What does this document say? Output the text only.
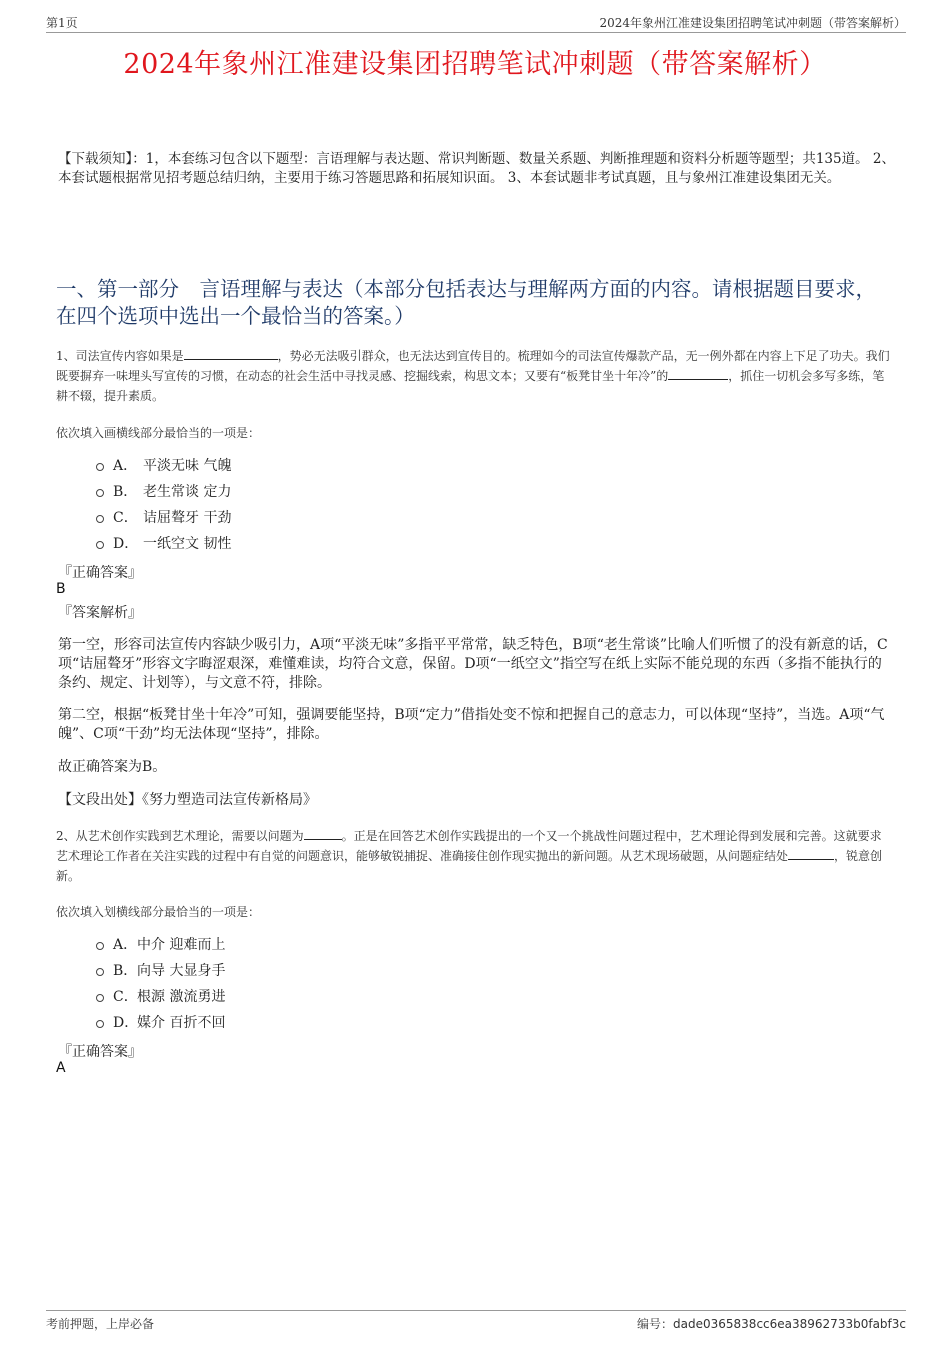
第1页	2024年象州江准建设集团招聘笔试冲刺题（带答案解析）
2024年象州江准建设集团招聘笔试冲刺题（带答案解析）
【下载须知】：1，本套练习包含以下题型：言语理解与表达题、常识判断题、数量关系题、判断推理题和资料分析题等题型；共135道。 2、本套试题根据常见招考题总结归纳，主要用于练习答题思路和拓展知识面。 3、本套试题非考试真题，且与象州江准建设集团无关。
一、第一部分　言语理解与表达（本部分包括表达与理解两方面的内容。请根据题目要求，在四个选项中选出一个最恰当的答案。）
1、司法宣传内容如果是	，势必无法吸引群众，也无法达到宣传目的。梳理如今的司法宣传爆款产品，无一例外都在内容上下足了功夫。我们既要摒弃一味埋头写宣传的习惯，在动态的社会生活中寻找灵感、挖掘线索，构思文本；又要有“板凳甘坐十年冷”的	，抓住一切机会多写多练，笔耕不辍，提升素质。
依次填入画横线部分最恰当的一项是：
A． 平淡无味 气魄
B． 老生常谈 定力
C． 诘屈聱牙 干劲
D． 一纸空文 韧性
『正确答案』
B
『答案解析』
第一空，形容司法宣传内容缺少吸引力，A项“平淡无味”多指平平常常，缺乏特色，B项“老生常谈”比喻人们听惯了的没有新意的话，C项“诘屈聱牙”形容文字晦涩艰深，难懂难读，均符合文意，保留。D项“一纸空文”指空写在纸上实际不能兑现的东西（多指不能执行的条约、规定、计划等），与文意不符，排除。
第二空，根据“板凳甘坐十年冷”可知，强调要能坚持，B项“定力”借指处变不惊和把握自己的意志力，可以体现“坚持”，当选。A项“气魄”、C项“干劲”均无法体现“坚持”，排除。
故正确答案为B。
【文段出处】《努力塑造司法宣传新格局》
2、从艺术创作实践到艺术理论，需要以问题为	。正是在回答艺术创作实践提出的一个又一个挑战性问题过程中，艺术理论得到发展和完善。这就要求艺术理论工作者在关注实践的过程中有自觉的问题意识，能够敏锐捕捉、准确接住创作现实抛出的新问题。从艺术现场破题，从问题症结处	，锐意创新。
依次填入划横线部分最恰当的一项是：
A． 中介 迎难而上
B． 向导 大显身手
C． 根源 激流勇进
D．
媒介 百折不回
『正确答案』
A
考前押题，上岸必备	编号：dade0365838cc6ea38962733b0fabf3c
